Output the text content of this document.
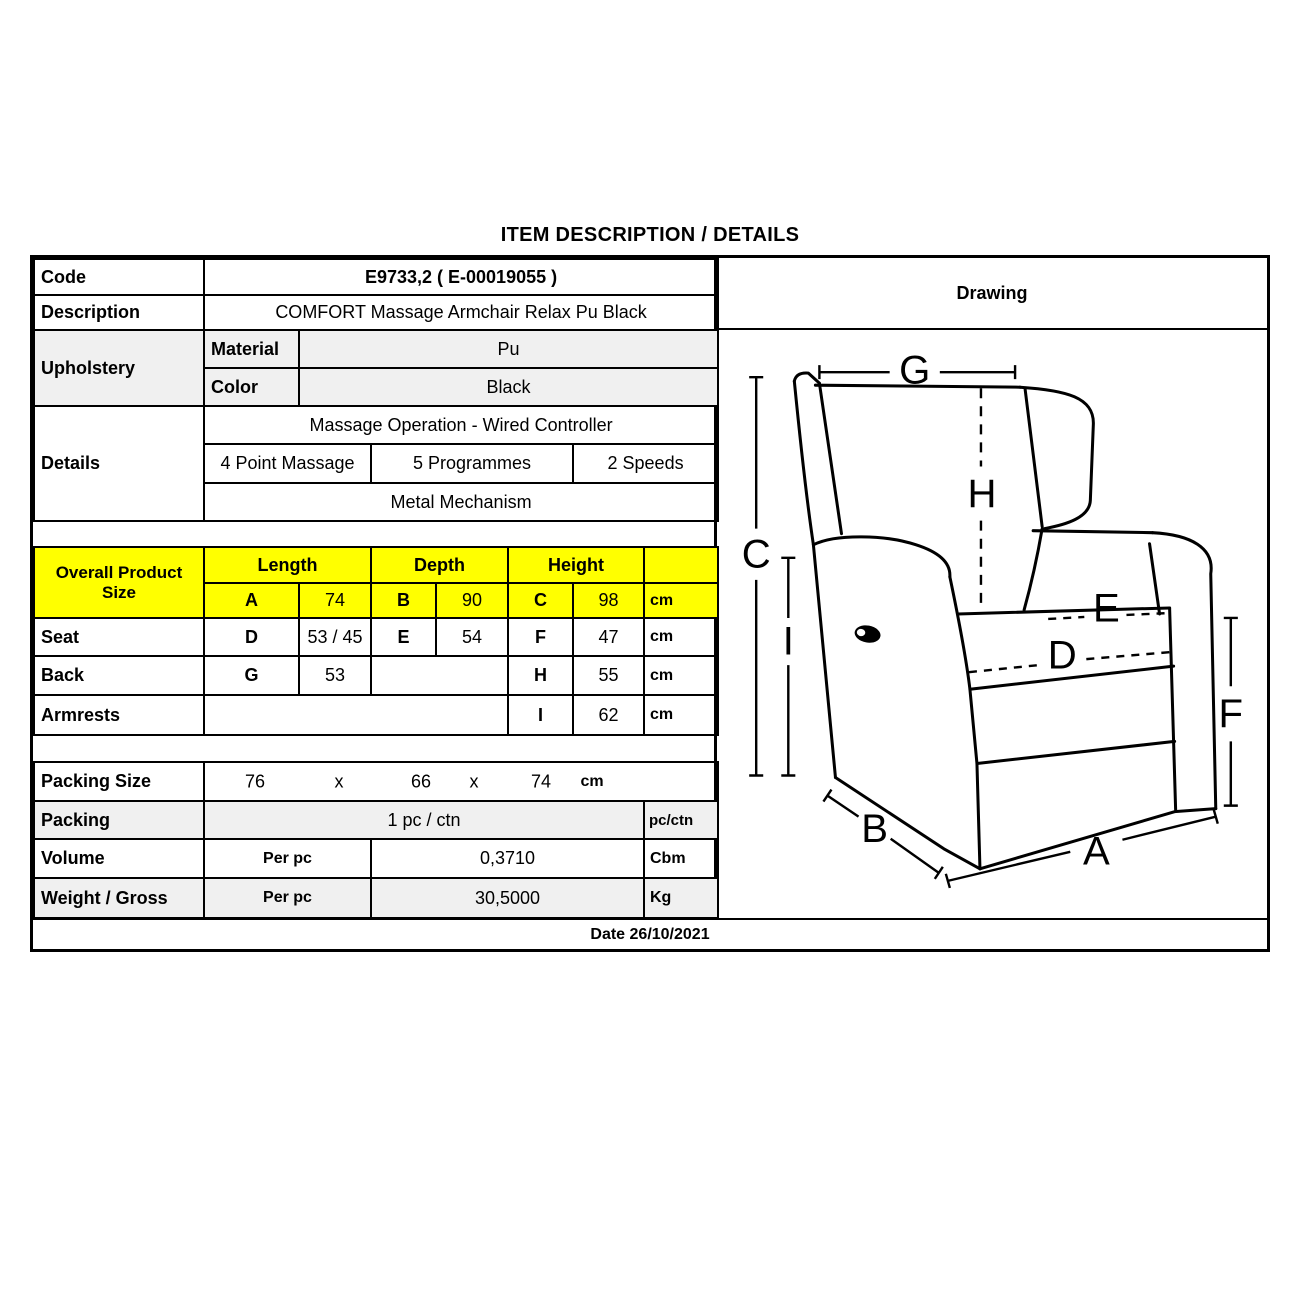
ITEM DESCRIPTION / DETAILS
Code	E9733,2 ( E-00019055 )						
Description	COMFORT Massage Armchair Relax Pu Black						
Upholstery	Material	Pu					
	Color	Black					
Details	Massage Operation - Wired Controller						
	4 Point Massage		5 Programmes			2 Speeds	
	Metal Mechanism						

Overall Product
Size	Length		Depth		Height		
	A	74	B	90	C	98	cm
Seat	D	53 / 45	E	54	F	47	cm
Back	G	53			H	55	cm
Armrests					I	62	cm

Packing Size	76	x	66 x	74 cm

Packing	1 pc / ctn						pc/ctn
Volume	Per pc		0,3710				Cbm
Weight / Gross	Per pc		30,5000				Kg
Drawing
G
H
C
I
E
D
F
B	A
Date 26/10/2021
